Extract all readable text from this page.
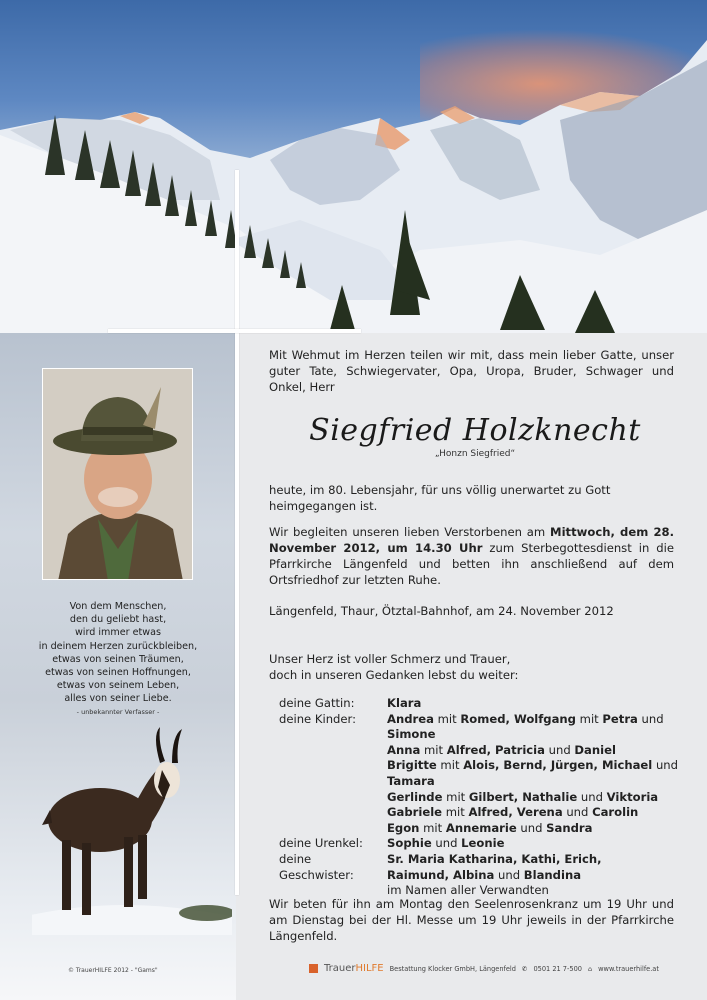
Von dem Menschen,
den du geliebt hast,
wird immer etwas
in deinem Herzen zurückbleiben,
etwas von seinen Träumen,
etwas von seinen Hoffnungen,
etwas von seinem Leben,
alles von seiner Liebe.
- unbekannter Verfasser -
© TrauerHILFE 2012 - "Gams"
Mit Wehmut im Herzen teilen wir mit, dass mein lieber Gatte, unser guter Tate, Schwiegervater, Opa, Uropa, Bruder, Schwager und Onkel, Herr
Siegfried Holzknecht
„Honzn Siegfried“
heute, im 80. Lebensjahr, für uns völlig unerwartet zu Gott heimgegangen ist.
Wir begleiten unseren lieben Verstorbenen am Mittwoch, dem 28. November 2012, um 14.30 Uhr zum Sterbegottesdienst in die Pfarrkirche Längenfeld und betten ihn anschließend auf dem Ortsfriedhof zur letzten Ruhe.
Längenfeld, Thaur, Ötztal-Bahnhof, am 24. November 2012
Unser Herz ist voller Schmerz und Trauer,
doch in unseren Gedanken lebst du weiter:
deine Gattin:	Klara
deine Kinder:	Andrea mit Romed, Wolfgang mit Petra und Simone
Anna mit Alfred, Patricia und Daniel
Brigitte mit Alois, Bernd, Jürgen, Michael und Tamara
Gerlinde mit Gilbert, Nathalie und Viktoria
Gabriele mit Alfred, Verena und Carolin
Egon mit Annemarie und Sandra
deine Urenkel:	Sophie und Leonie
deine Geschwister:
Sr. Maria Katharina, Kathi, Erich,
Raimund, Albina und Blandina
im Namen aller Verwandten
Wir beten für ihn am Montag den Seelenrosenkranz um 19 Uhr und am Dienstag bei der Hl. Messe um 19 Uhr jeweils in der Pfarrkirche Längenfeld.
TrauerHILFE Bestattung Klocker GmbH, Längenfeld ✆ 0501 21 7-500 ⌂ www.trauerhilfe.at
